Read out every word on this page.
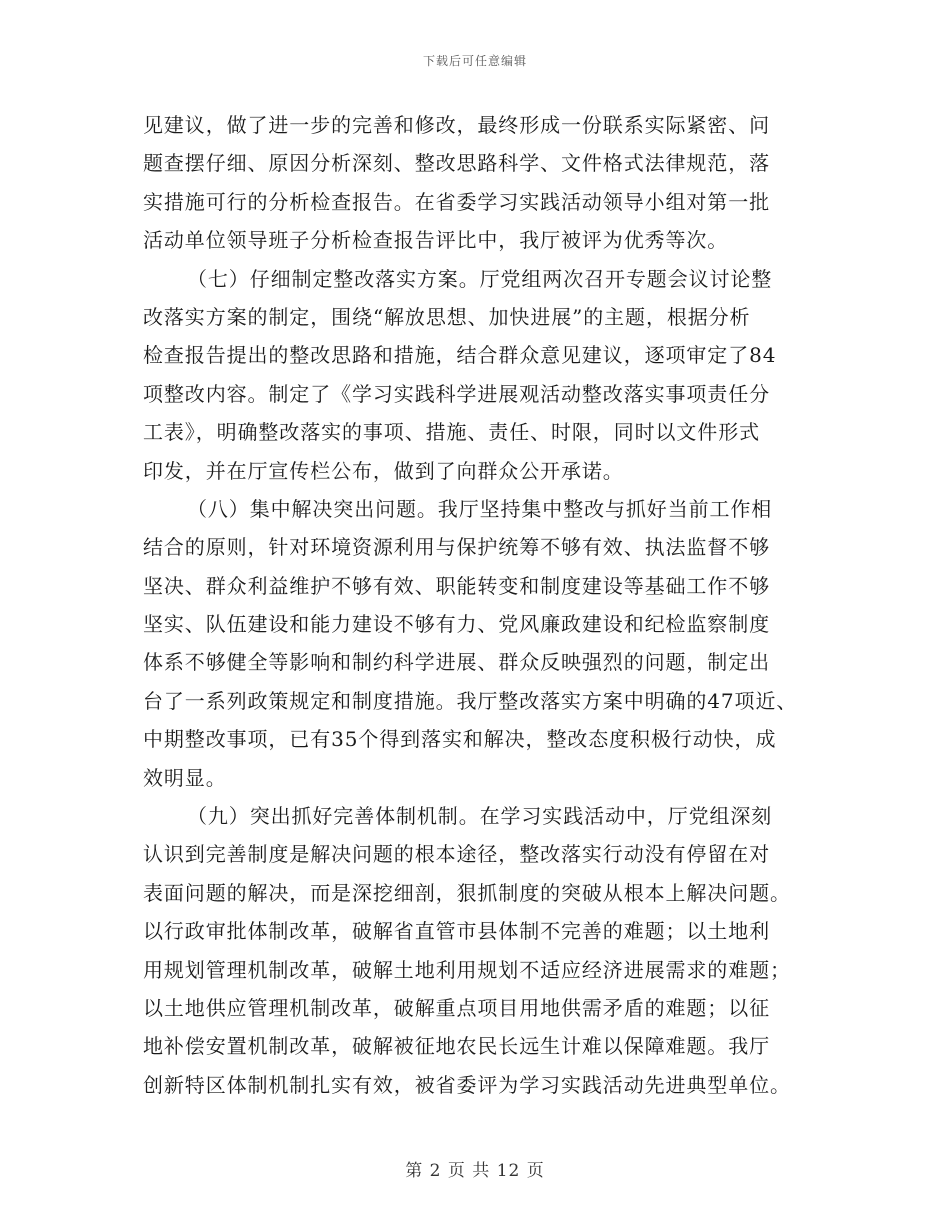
下载后可任意编辑
见建议，做了进一步的完善和修改，最终形成一份联系实际紧密、问
题查摆仔细、原因分析深刻、整改思路科学、文件格式法律规范，落
实措施可行的分析检查报告。在省委学习实践活动领导小组对第一批
活动单位领导班子分析检查报告评比中，我厅被评为优秀等次。
（七）仔细制定整改落实方案。厅党组两次召开专题会议讨论整
改落实方案的制定，围绕“解放思想、加快进展”的主题，根据分析
检查报告提出的整改思路和措施，结合群众意见建议，逐项审定了84
项整改内容。制定了《学习实践科学进展观活动整改落实事项责任分
工表》，明确整改落实的事项、措施、责任、时限，同时以文件形式
印发，并在厅宣传栏公布，做到了向群众公开承诺。
（八）集中解决突出问题。我厅坚持集中整改与抓好当前工作相
结合的原则，针对环境资源利用与保护统筹不够有效、执法监督不够
坚决、群众利益维护不够有效、职能转变和制度建设等基础工作不够
坚实、队伍建设和能力建设不够有力、党风廉政建设和纪检监察制度
体系不够健全等影响和制约科学进展、群众反映强烈的问题，制定出
台了一系列政策规定和制度措施。我厅整改落实方案中明确的47项近、
中期整改事项，已有35个得到落实和解决，整改态度积极行动快，成
效明显。
（九）突出抓好完善体制机制。在学习实践活动中，厅党组深刻
认识到完善制度是解决问题的根本途径，整改落实行动没有停留在对
表面问题的解决，而是深挖细剖，狠抓制度的突破从根本上解决问题。
以行政审批体制改革，破解省直管市县体制不完善的难题；以土地利
用规划管理机制改革，破解土地利用规划不适应经济进展需求的难题；
以土地供应管理机制改革，破解重点项目用地供需矛盾的难题；以征
地补偿安置机制改革，破解被征地农民长远生计难以保障难题。我厅
创新特区体制机制扎实有效，被省委评为学习实践活动先进典型单位。
第 2 页 共 12 页
